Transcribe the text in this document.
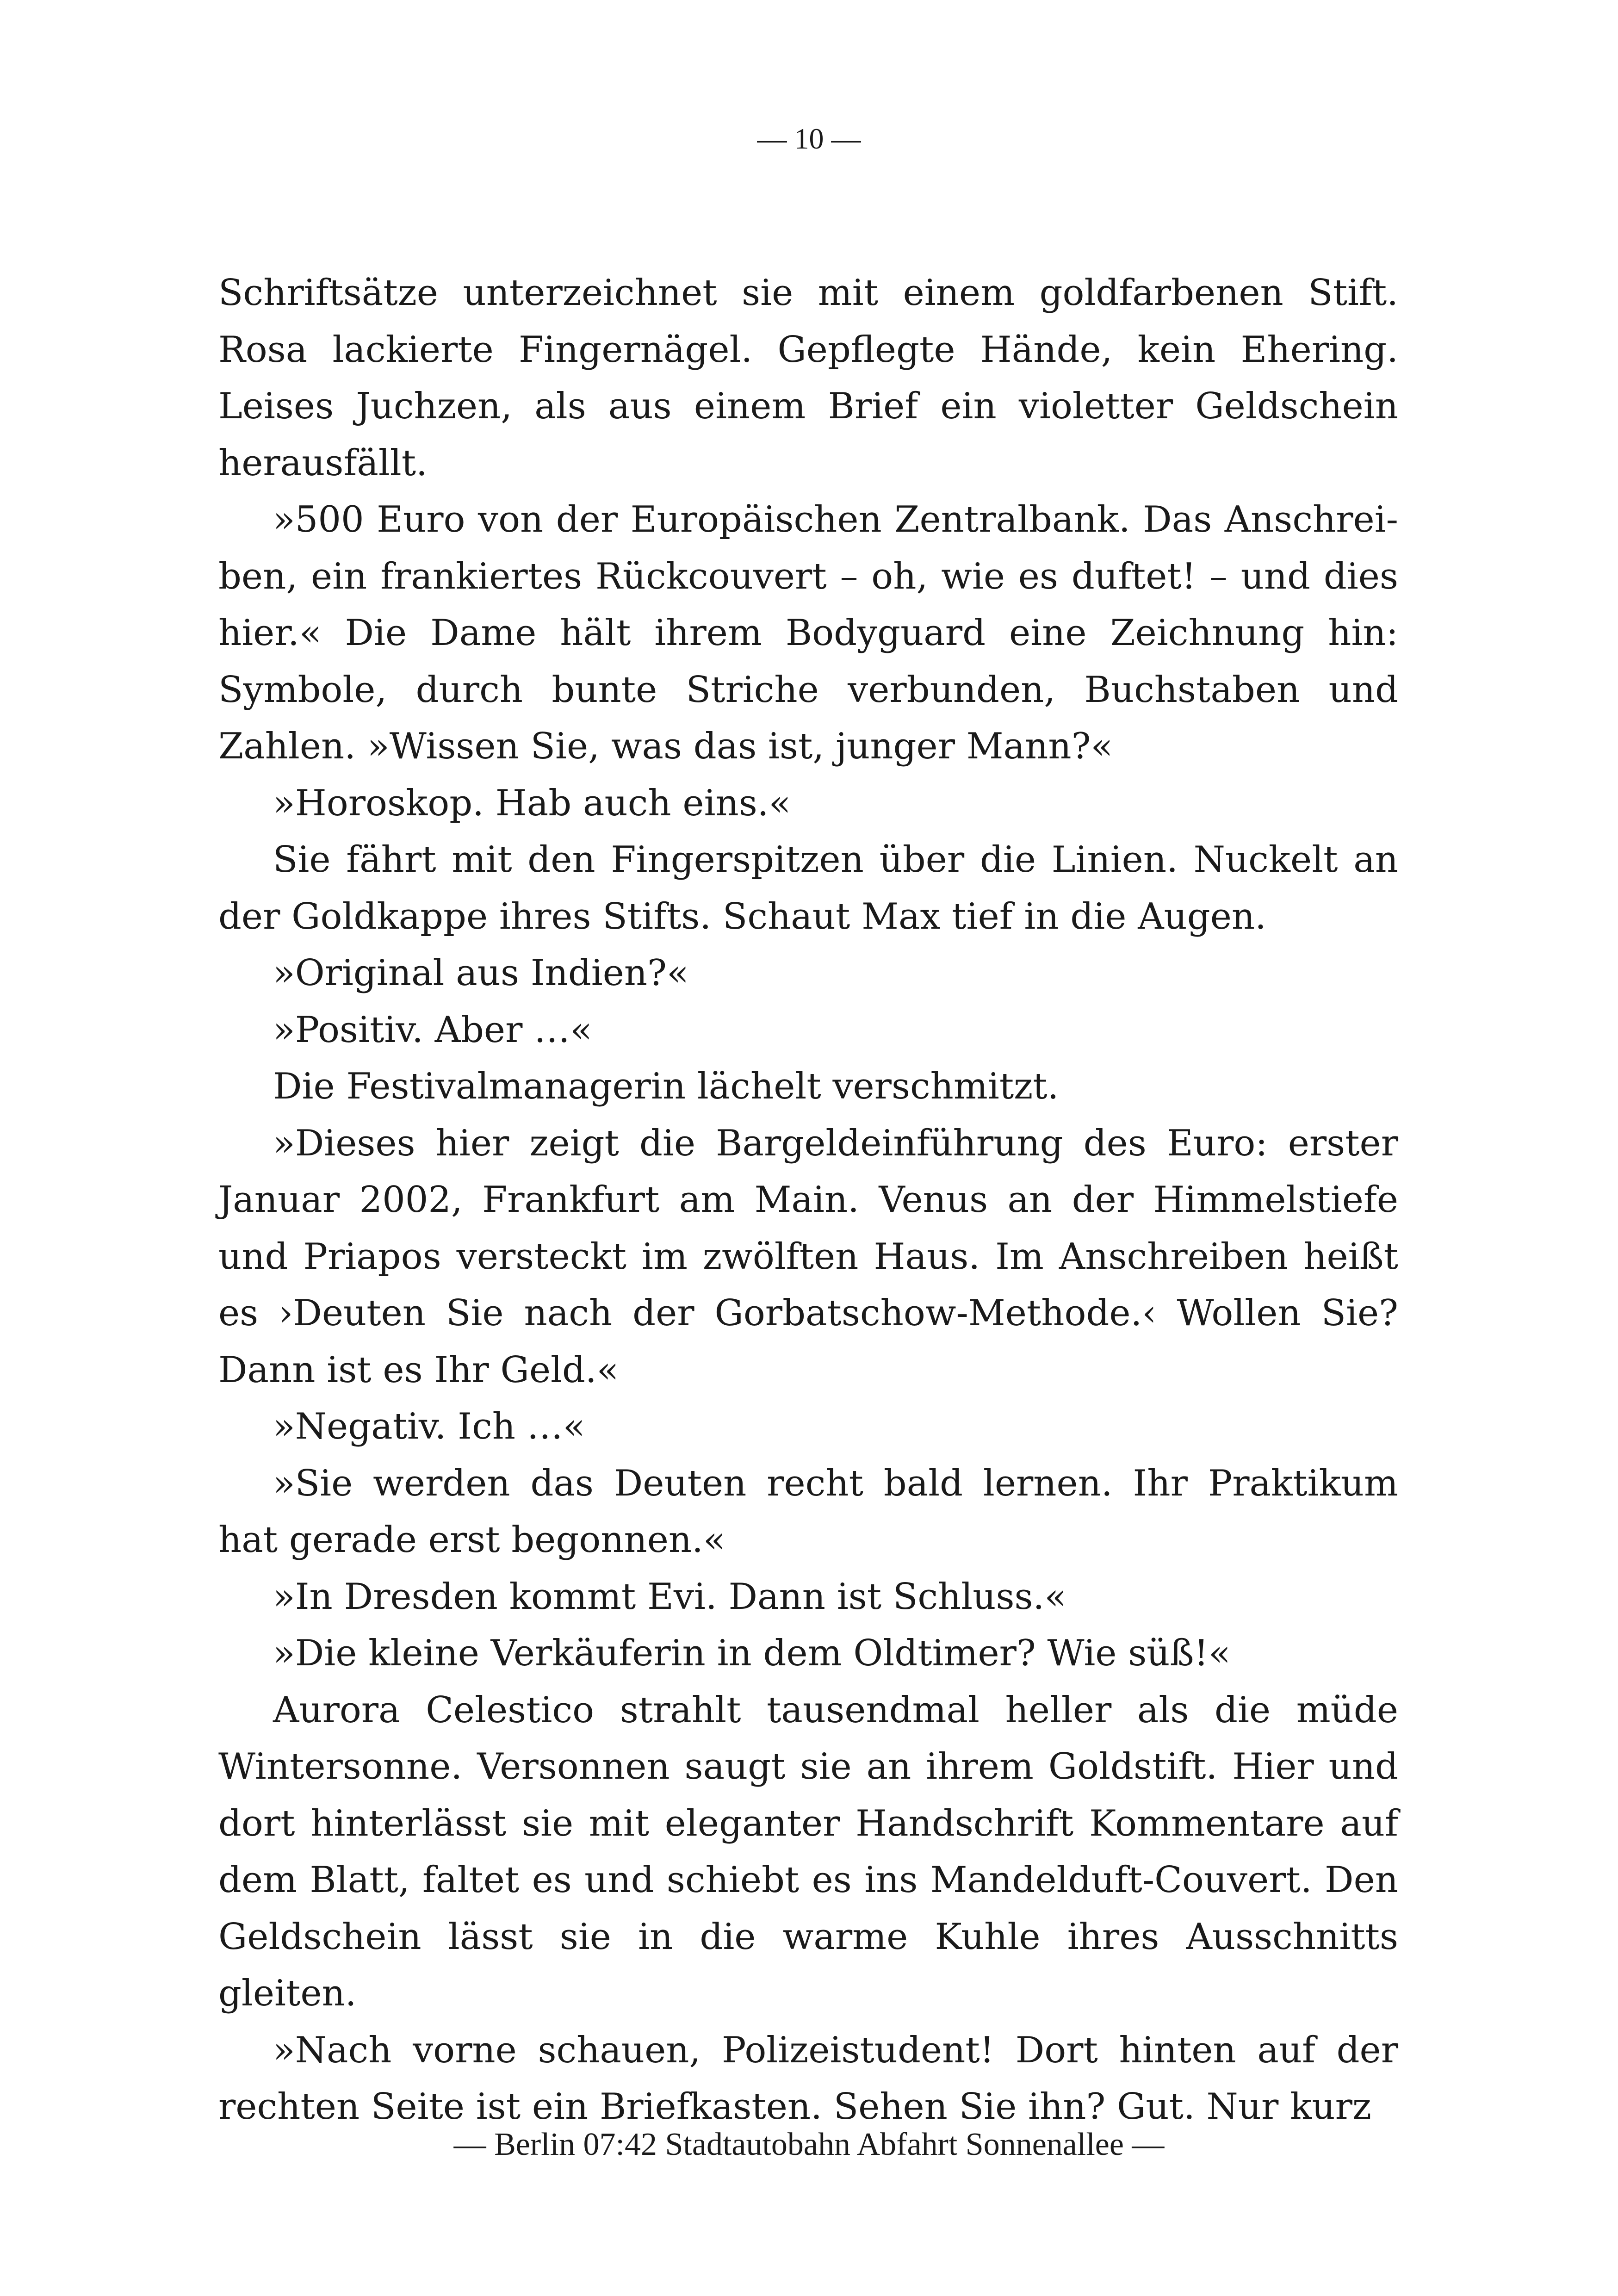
— 10 —

Schriftsätze unterzeichnet sie mit einem goldfarbenen Stift. Rosa lackierte Fingernägel. Gepflegte Hände, kein Ehering. Leises Juchzen, als aus einem Brief ein violetter Geldschein herausfällt.

»500 Euro von der Europäischen Zentralbank. Das Anschreiben, ein frankiertes Rückcouvert – oh, wie es duftet! – und dies hier.« Die Dame hält ihrem Bodyguard eine Zeichnung hin: Symbole, durch bunte Striche verbunden, Buchstaben und Zahlen. »Wissen Sie, was das ist, junger Mann?«

»Horoskop. Hab auch eins.«

Sie fährt mit den Fingerspitzen über die Linien. Nuckelt an der Goldkappe ihres Stifts. Schaut Max tief in die Augen.

»Original aus Indien?«

»Positiv. Aber …«

Die Festivalmanagerin lächelt verschmitzt.

»Dieses hier zeigt die Bargeldeinführung des Euro: erster Januar 2002, Frankfurt am Main. Venus an der Himmelstiefe und Priapos versteckt im zwölften Haus. Im Anschreiben heißt es ›Deuten Sie nach der Gorbatschow-Methode.‹ Wollen Sie? Dann ist es Ihr Geld.«

»Negativ. Ich …«

»Sie werden das Deuten recht bald lernen. Ihr Praktikum hat gerade erst begonnen.«

»In Dresden kommt Evi. Dann ist Schluss.«

»Die kleine Verkäuferin in dem Oldtimer? Wie süß!«

Aurora Celestico strahlt tausendmal heller als die müde Wintersonne. Versonnen saugt sie an ihrem Goldstift. Hier und dort hinterlässt sie mit eleganter Handschrift Kommentare auf dem Blatt, faltet es und schiebt es ins Mandelduft-Couvert. Den Geldschein lässt sie in die warme Kuhle ihres Ausschnitts gleiten.

»Nach vorne schauen, Polizeistudent! Dort hinten auf der rechten Seite ist ein Briefkasten. Sehen Sie ihn? Gut. Nur kurz

— Berlin 07:42 Stadtautobahn Abfahrt Sonnenallee —
